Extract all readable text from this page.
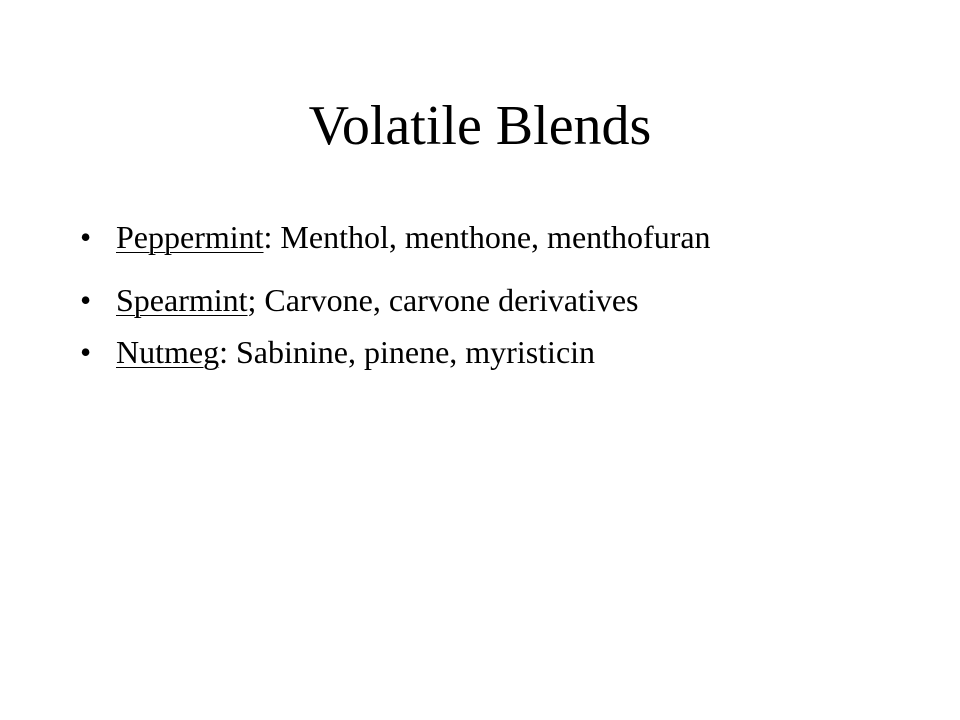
Volatile Blends
• Peppermint: Menthol, menthone, menthofuran
• Spearmint; Carvone, carvone derivatives
• Nutmeg: Sabinine, pinene, myristicin
